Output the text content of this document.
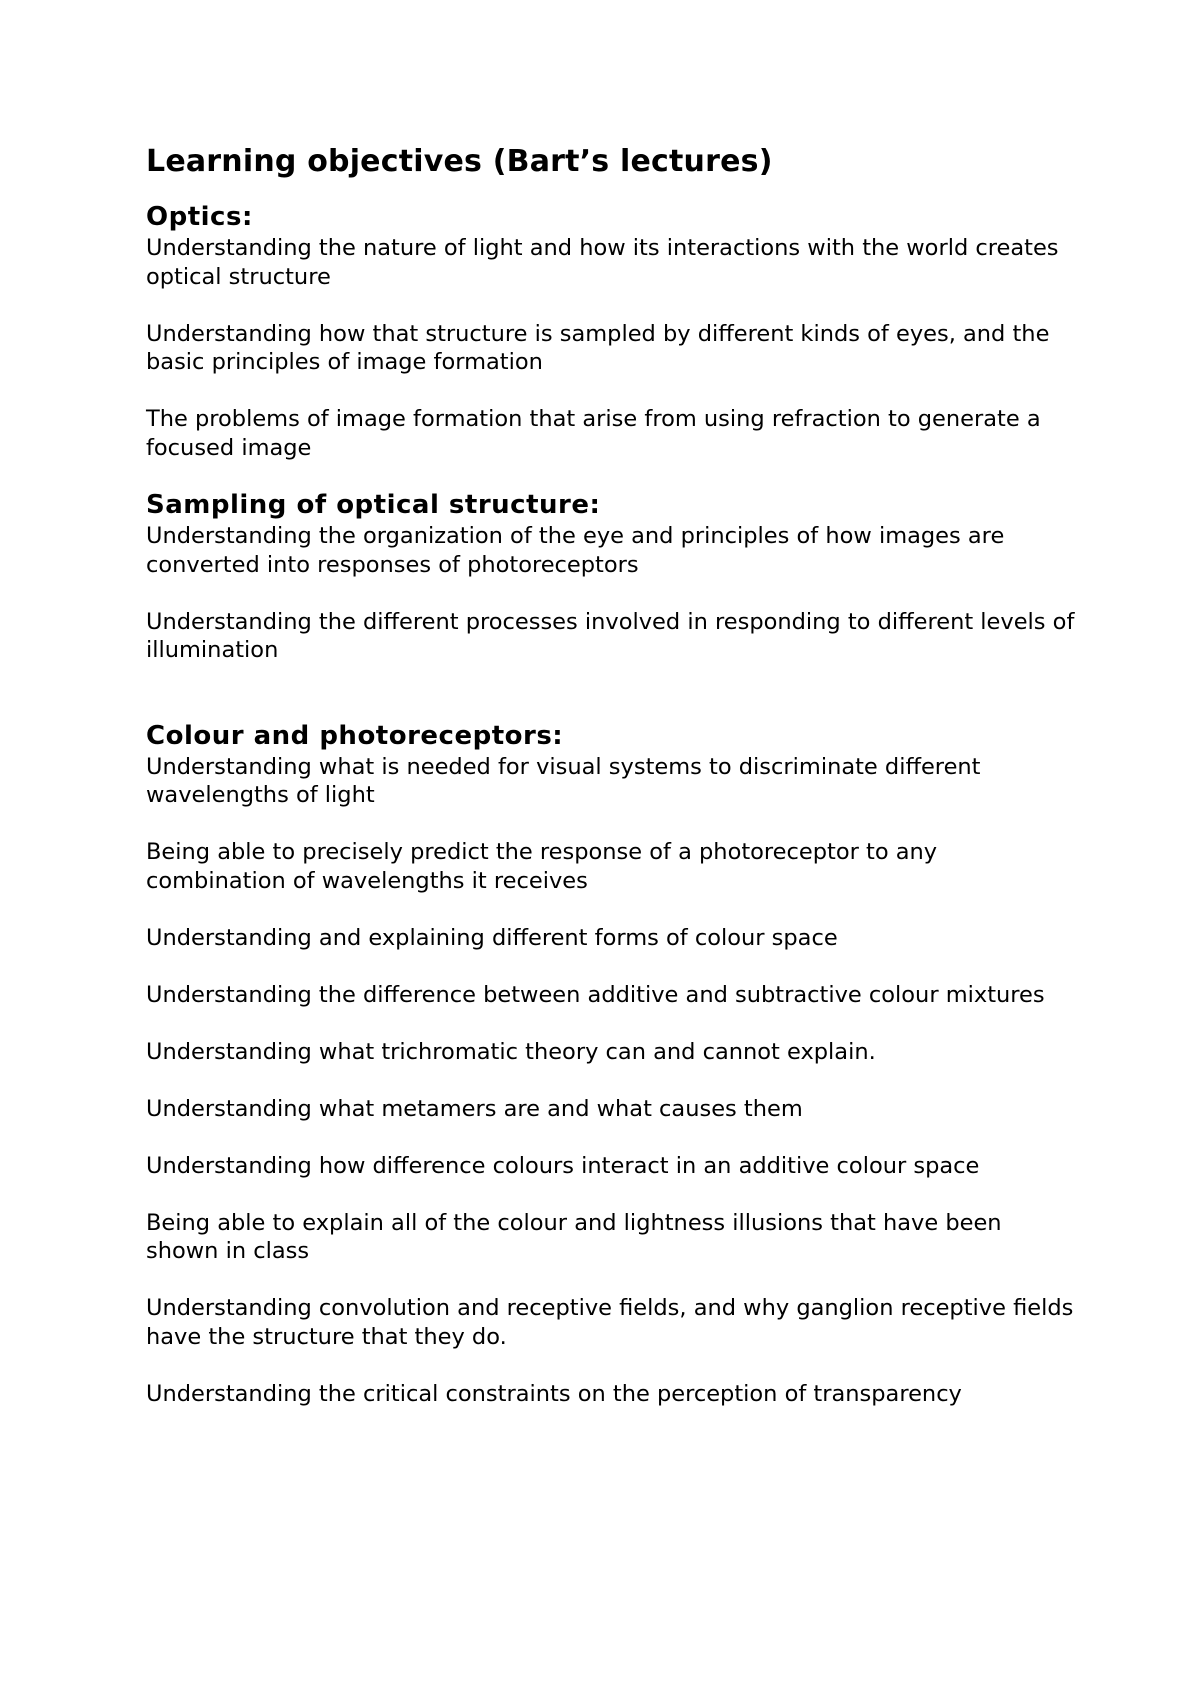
Learning objectives (Bart’s lectures)
Optics:

Understanding the nature of light and how its interactions with the world creates optical structure

Understanding how that structure is sampled by different kinds of eyes, and the basic principles of image formation

The problems of image formation that arise from using refraction to generate a focused image

Sampling of optical structure:

Understanding the organization of the eye and principles of how images are converted into responses of photoreceptors

Understanding the different processes involved in responding to different levels of illumination

Colour and photoreceptors:

Understanding what is needed for visual systems to discriminate different wavelengths of light

Being able to precisely predict the response of a photoreceptor to any combination of wavelengths it receives

Understanding and explaining different forms of colour space

Understanding the difference between additive and subtractive colour mixtures

Understanding what trichromatic theory can and cannot explain.

Understanding what metamers are and what causes them

Understanding how difference colours interact in an additive colour space

Being able to explain all of the colour and lightness illusions that have been shown in class

Understanding convolution and receptive fields, and why ganglion receptive fields have the structure that they do.

Understanding the critical constraints on the perception of transparency
